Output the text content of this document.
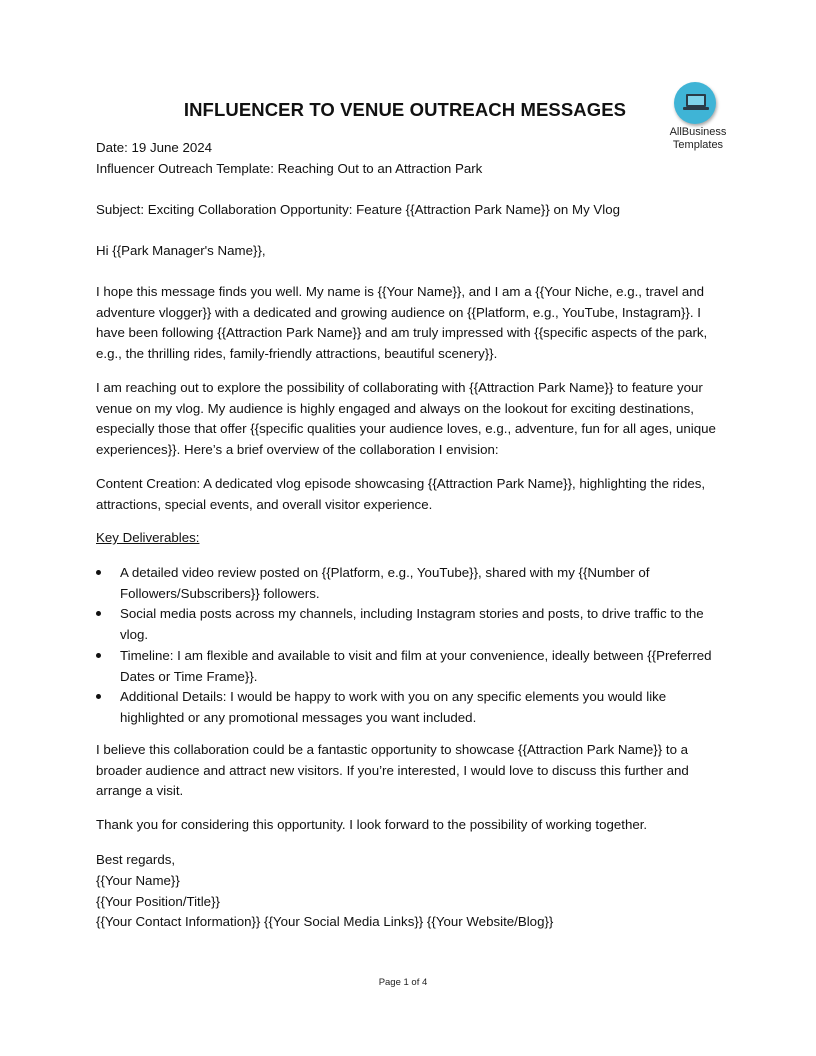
INFLUENCER TO VENUE OUTREACH MESSAGES
AllBusiness
Templates
Date: 19 June 2024
Influencer Outreach Template: Reaching Out to an Attraction Park
Subject: Exciting Collaboration Opportunity: Feature {{Attraction Park Name}} on My Vlog
Hi {{Park Manager's Name}},
I hope this message finds you well. My name is {{Your Name}}, and I am a {{Your Niche, e.g., travel and adventure vlogger}} with a dedicated and growing audience on {{Platform, e.g., YouTube, Instagram}}. I have been following {{Attraction Park Name}} and am truly impressed with {{specific aspects of the park, e.g., the thrilling rides, family-friendly attractions, beautiful scenery}}.
I am reaching out to explore the possibility of collaborating with {{Attraction Park Name}} to feature your venue on my vlog. My audience is highly engaged and always on the lookout for exciting destinations, especially those that offer {{specific qualities your audience loves, e.g., adventure, fun for all ages, unique experiences}}. Here’s a brief overview of the collaboration I envision:
Content Creation: A dedicated vlog episode showcasing {{Attraction Park Name}}, highlighting the rides, attractions, special events, and overall visitor experience.
Key Deliverables:
A detailed video review posted on {{Platform, e.g., YouTube}}, shared with my {{Number of Followers/Subscribers}} followers.
Social media posts across my channels, including Instagram stories and posts, to drive traffic to the vlog.
Timeline: I am flexible and available to visit and film at your convenience, ideally between {{Preferred Dates or Time Frame}}.
Additional Details: I would be happy to work with you on any specific elements you would like highlighted or any promotional messages you want included.
I believe this collaboration could be a fantastic opportunity to showcase {{Attraction Park Name}} to a broader audience and attract new visitors. If you’re interested, I would love to discuss this further and arrange a visit.
Thank you for considering this opportunity. I look forward to the possibility of working together.
Best regards,
{{Your Name}}
{{Your Position/Title}}
{{Your Contact Information}} {{Your Social Media Links}} {{Your Website/Blog}}
Page 1 of 4
